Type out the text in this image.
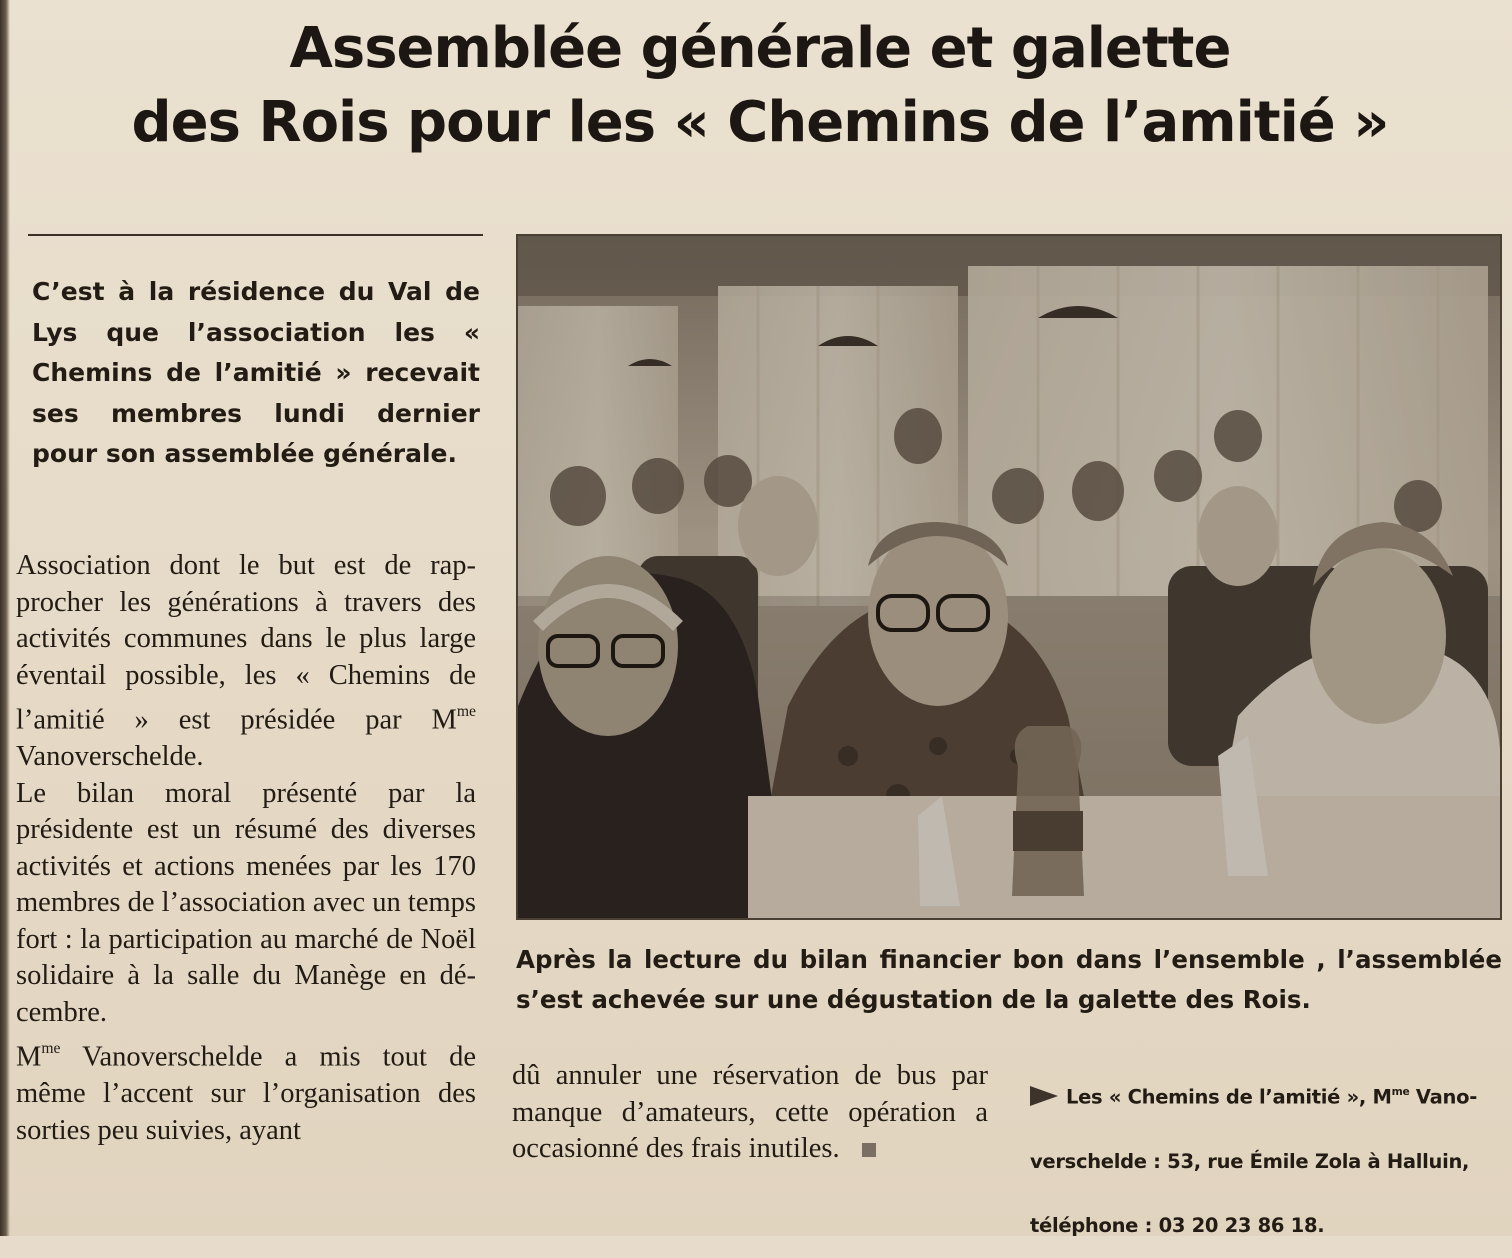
Assemblée générale et galette
des Rois pour les « Chemins de l’amitié »

C’est à la résidence du Val de Lys que l’association les « Chemins de l’amitié » recevait ses membres lundi dernier pour son assemblée générale.

Association dont le but est de rapprocher les générations à travers des activités communes dans le plus large éventail possible, les « Chemins de l’amitié » est présidée par $M^{me}$ Vanoverschelde.

Le bilan moral présenté par la présidente est un résumé des diverses activités et actions menées par les 170 membres de l’association avec un temps fort : la participation au marché de Noël solidaire à la salle du Manège en décembre.

$M^{me}$ Vanoverschelde a mis tout de même l’accent sur l’organisation des sorties peu suivies, ayant

Après la lecture du bilan financier bon dans l’ensemble , l’assemblée s’est achevée sur une dégustation de la galette des Rois.

dû annuler une réservation de bus par manque d’amateurs, cette opération a occasionné des frais inutiles.

Les « Chemins de l’amitié », $M^{me}$ Vanoverschelde : 53, rue Émile Zola à Halluin, téléphone : 03 20 23 86 18.
